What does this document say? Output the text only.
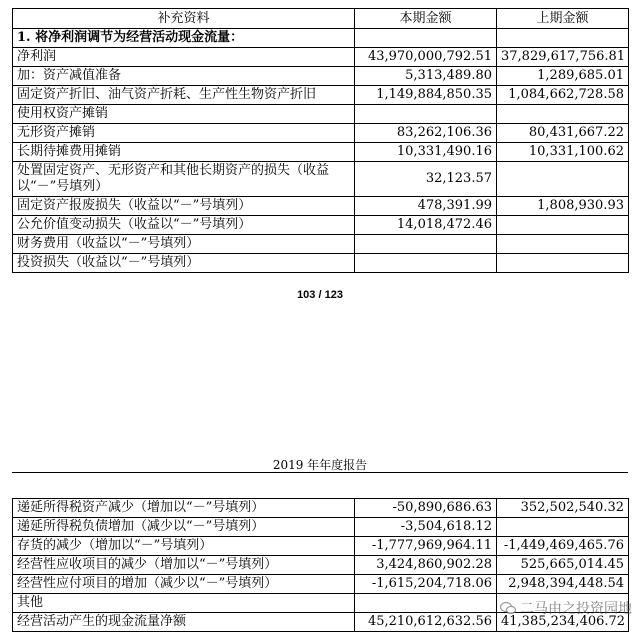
补充资料	本期金额	上期金额
1. 将净利润调节为经营活动现金流量：		
净利润	43,970,000,792.51	37,829,617,756.81
加：资产减值准备	5,313,489.80	1,289,685.01
固定资产折旧、油气资产折耗、生产性生物资产折旧	1,149,884,850.35	1,084,662,728.58
使用权资产摊销		
无形资产摊销	83,262,106.36	80,431,667.22
长期待摊费用摊销	10,331,490.16	10,331,100.62
处置固定资产、无形资产和其他长期资产的损失（收益以“－”号填列）	32,123.57	
固定资产报废损失（收益以“－”号填列）	478,391.99	1,808,930.93
公允价值变动损失（收益以“－”号填列）	14,018,472.46	
财务费用（收益以“－”号填列）		
投资损失（收益以“－”号填列）		
103 / 123
2019 年年度报告
递延所得税资产减少（增加以“－”号填列）	-50,890,686.63	352,502,540.32
递延所得税负债增加（减少以“－”号填列）	-3,504,618.12	
存货的减少（增加以“－”号填列）	-1,777,969,964.11	-1,449,469,465.76
经营性应收项目的减少（增加以“－”号填列）	3,424,860,902.28	525,665,014.45
经营性应付项目的增加（减少以“－”号填列）	-1,615,204,718.06	2,948,394,448.54
其他		
经营活动产生的现金流量净额	45,210,612,632.56	41,385,234,406.72
二马由之投资园地
